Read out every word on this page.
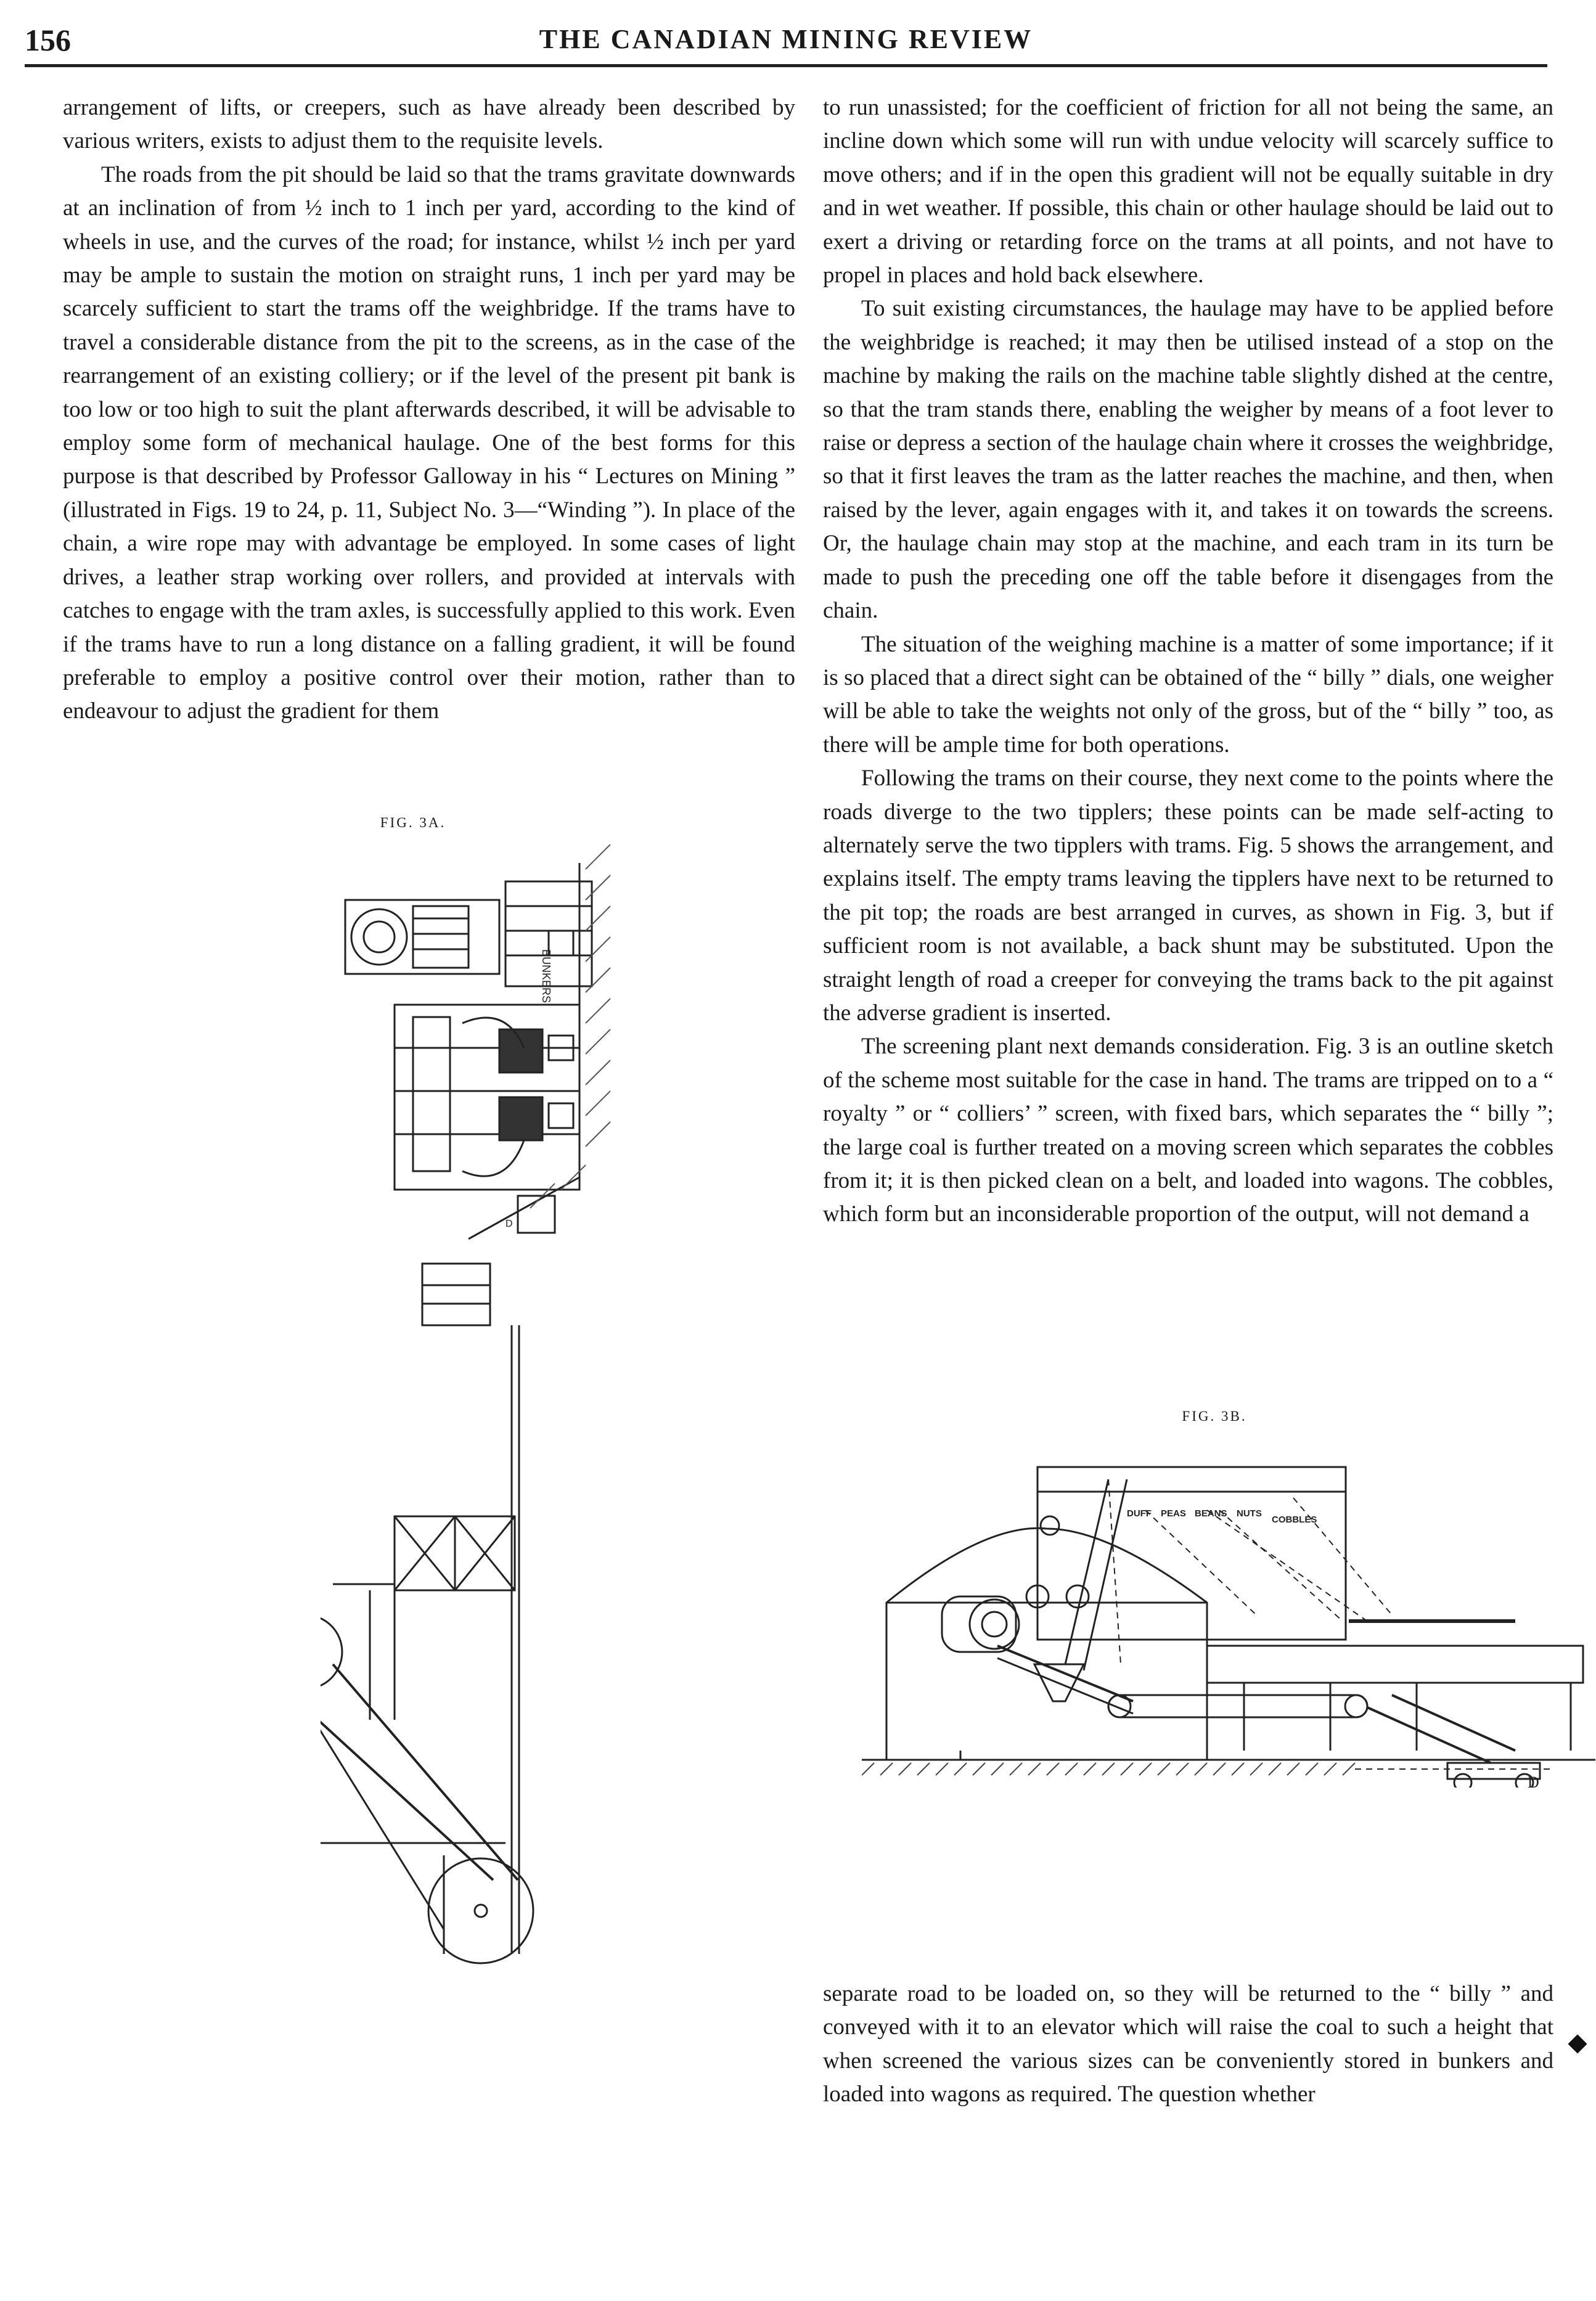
156	THE CANADIAN MINING REVIEW

arrangement of lifts, or creepers, such as have already been described by various writers, exists to adjust them to the requisite levels.

The roads from the pit should be laid so that the trams gravitate downwards at an inclination of from ½ inch to 1 inch per yard, according to the kind of wheels in use, and the curves of the road; for instance, whilst ½ inch per yard may be ample to sustain the motion on straight runs, 1 inch per yard may be scarcely sufficient to start the trams off the weighbridge. If the trams have to travel a considerable distance from the pit to the screens, as in the case of the rearrangement of an existing colliery; or if the level of the present pit bank is too low or too high to suit the plant afterwards described, it will be advisable to employ some form of mechanical haulage. One of the best forms for this purpose is that described by Professor Galloway in his “ Lectures on Mining ” (illustrated in Figs. 19 to 24, p. 11, Subject No. 3—“Winding ”). In place of the chain, a wire rope may with advantage be employed. In some cases of light drives, a leather strap working over rollers, and provided at intervals with catches to engage with the tram axles, is successfully applied to this work. Even if the trams have to run a long distance on a falling gradient, it will be found preferable to employ a positive control over their motion, rather than to endeavour to adjust the gradient for them

FIG. 3A.
BUNKERS
D

to run unassisted; for the coefficient of friction for all not being the same, an incline down which some will run with undue velocity will scarcely suffice to move others; and if in the open this gradient will not be equally suitable in dry and in wet weather. If possible, this chain or other haulage should be laid out to exert a driving or retarding force on the trams at all points, and not have to propel in places and hold back elsewhere.

To suit existing circumstances, the haulage may have to be applied before the weighbridge is reached; it may then be utilised instead of a stop on the machine by making the rails on the machine table slightly dished at the centre, so that the tram stands there, enabling the weigher by means of a foot lever to raise or depress a section of the haulage chain where it crosses the weighbridge, so that it first leaves the tram as the latter reaches the machine, and then, when raised by the lever, again engages with it, and takes it on towards the screens. Or, the haulage chain may stop at the machine, and each tram in its turn be made to push the preceding one off the table before it disengages from the chain.

The situation of the weighing machine is a matter of some importance; if it is so placed that a direct sight can be obtained of the “ billy ” dials, one weigher will be able to take the weights not only of the gross, but of the “ billy ” too, as there will be ample time for both operations.

Following the trams on their course, they next come to the points where the roads diverge to the two tipplers; these points can be made self-acting to alternately serve the two tipplers with trams. Fig. 5 shows the arrangement, and explains itself. The empty trams leaving the tipplers have next to be returned to the pit top; the roads are best arranged in curves, as shown in Fig. 3, but if sufficient room is not available, a back shunt may be substituted. Upon the straight length of road a creeper for conveying the trams back to the pit against the adverse gradient is inserted.

The screening plant next demands consideration. Fig. 3 is an outline sketch of the scheme most suitable for the case in hand. The trams are tripped on to a “ royalty ” or “ colliers’ ” screen, with fixed bars, which separates the “ billy ”; the large coal is further treated on a moving screen which separates the cobbles from it; it is then picked clean on a belt, and loaded into wagons. The cobbles, which form but an inconsiderable proportion of the output, will not demand a

FIG. 3B.
DUFF PEAS BEANS NUTS
COBBLES
D

separate road to be loaded on, so they will be returned to the “ billy ” and conveyed with it to an elevator which will raise the coal to such a height that when screened the various sizes can be conveniently stored in bunkers and loaded into wagons as required. The question whether
